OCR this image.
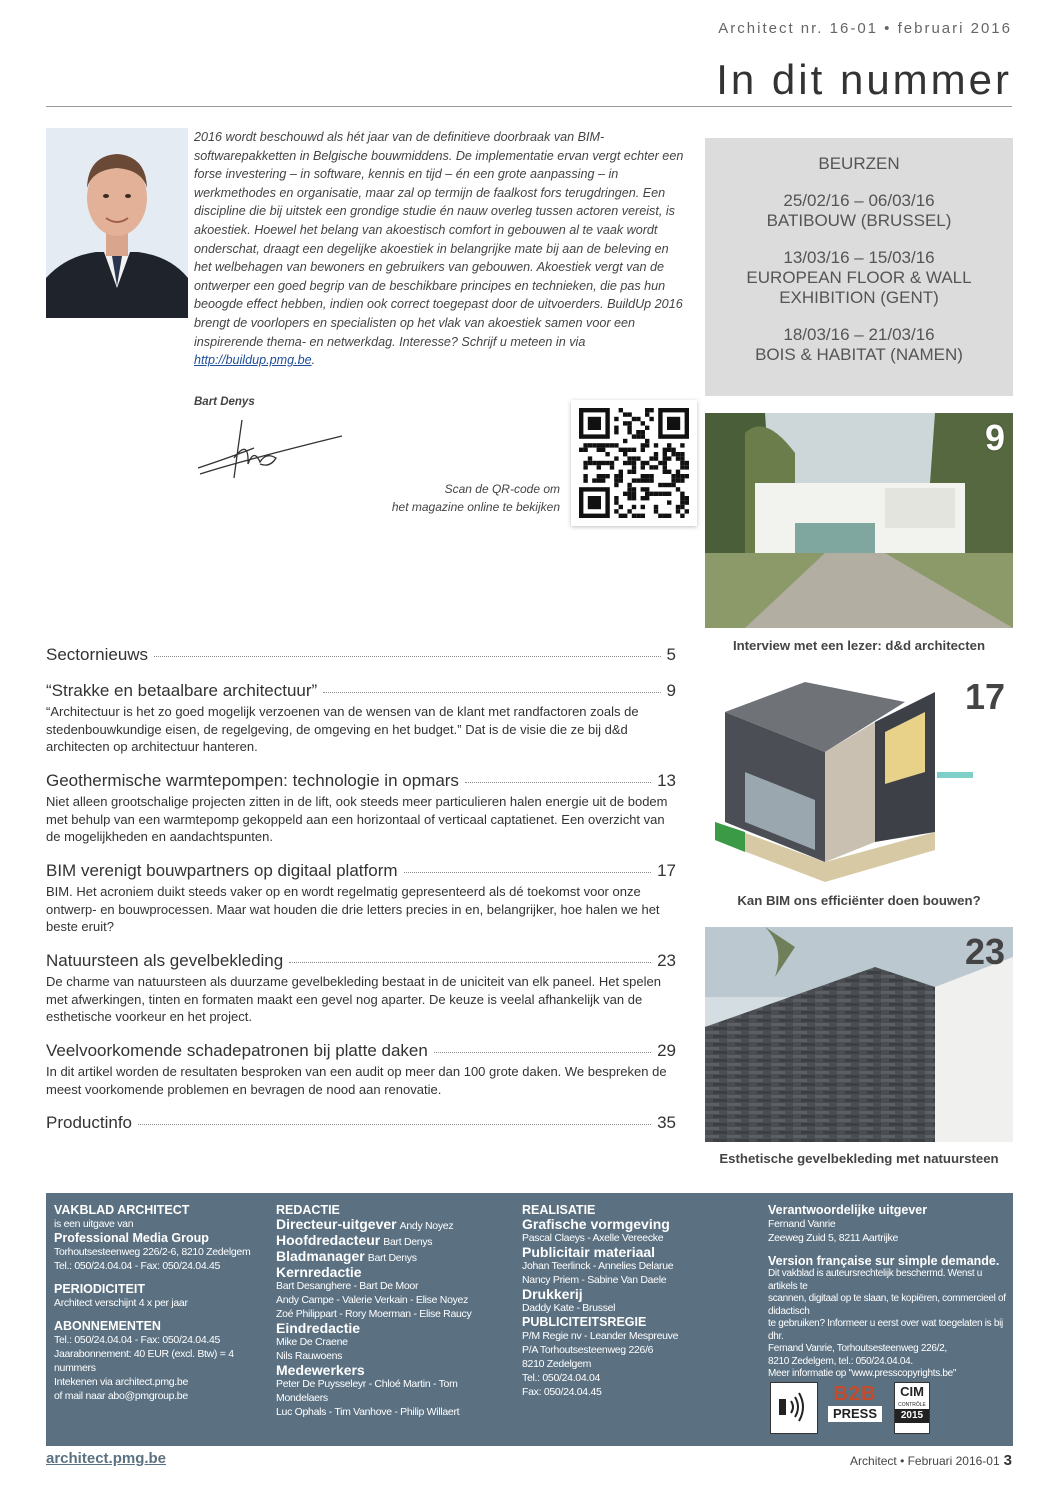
Architect nr. 16-01 • februari 2016
In dit nummer
2016 wordt beschouwd als hét jaar van de definitieve doorbraak van BIM-softwarepakketten in Belgische bouwmiddens. De implementatie ervan vergt echter een forse investering – in software, kennis en tijd – én een grote aanpassing – in werkmethodes en organisatie, maar zal op termijn de faalkost fors terugdringen. Een discipline die bij uitstek een grondige studie én nauw overleg tussen actoren vereist, is akoestiek. Hoewel het belang van akoestisch comfort in gebouwen al te vaak wordt onderschat, draagt een degelijke akoestiek in belangrijke mate bij aan de beleving en het welbehagen van bewoners en gebruikers van gebouwen. Akoestiek vergt van de ontwerper een goed begrip van de beschikbare principes en technieken, die pas hun beoogde effect hebben, indien ook correct toegepast door de uitvoerders. BuildUp 2016 brengt de voorlopers en specialisten op het vlak van akoestiek samen voor een inspirerende thema- en netwerkdag. Interesse? Schrijf u meteen in via http://buildup.pmg.be.
Bart Denys
Scan de QR-code om
het magazine online te bekijken
BEURZEN
25/02/16 – 06/03/16
BATIBOUW (BRUSSEL)
13/03/16 – 15/03/16
EUROPEAN FLOOR & WALL EXHIBITION (GENT)
18/03/16 – 21/03/16
BOIS & HABITAT (NAMEN)
9
Interview met een lezer: d&d architecten
17
Kan BIM ons efficiënter doen bouwen?
23
Esthetische gevelbekleding met natuursteen
Sectornieuws	5
“Strakke en betaalbare architectuur”	9
“Architectuur is het zo goed mogelijk verzoenen van de wensen van de klant met randfactoren zoals de stedenbouwkundige eisen, de regelgeving, de omgeving en het budget.” Dat is de visie die ze bij d&d architecten op architectuur hanteren.
Geothermische warmtepompen: technologie in opmars	13
Niet alleen grootschalige projecten zitten in de lift, ook steeds meer particulieren halen energie uit de bodem met behulp van een warmtepomp gekoppeld aan een horizontaal of verticaal captatienet. Een overzicht van de mogelijkheden en aandachtspunten.
BIM verenigt bouwpartners op digitaal platform	17
BIM. Het acroniem duikt steeds vaker op en wordt regelmatig gepresenteerd als dé toekomst voor onze ontwerp- en bouwprocessen. Maar wat houden die drie letters precies in en, belangrijker, hoe halen we het beste eruit?
Natuursteen als gevelbekleding	23
De charme van natuursteen als duurzame gevelbekleding bestaat in de uniciteit van elk paneel. Het spelen met afwerkingen, tinten en formaten maakt een gevel nog aparter. De keuze is veelal afhankelijk van de esthetische voorkeur en het project.
Veelvoorkomende schadepatronen bij platte daken	29
In dit artikel worden de resultaten besproken van een audit op meer dan 100 grote daken. We bespreken de meest voorkomende problemen en bevragen de nood aan renovatie.
Productinfo	35
VAKBLAD ARCHITECT
is een uitgave van
Professional Media Group
Torhoutsesteenweg 226/2-6, 8210 Zedelgem
Tel.: 050/24.04.04 - Fax: 050/24.04.45
PERIODICITEIT
Architect verschijnt 4 x per jaar
ABONNEMENTEN
Tel.: 050/24.04.04 - Fax: 050/24.04.45
Jaarabonnement: 40 EUR (excl. Btw) = 4 nummers
Intekenen via architect.pmg.be
of mail naar abo@pmgroup.be
REDACTIE
Directeur-uitgever Andy Noyez
Hoofdredacteur Bart Denys
Bladmanager Bart Denys
Kernredactie
Bart Desanghere - Bart De Moor
Andy Campe - Valerie Verkain - Elise Noyez
Zoé Philippart - Rory Moerman - Elise Raucy
Eindredactie
Mike De Craene
Nils Rauwoens
Medewerkers
Peter De Puysseleyr - Chloé Martin - Tom Mondelaers
Luc Ophals - Tim Vanhove - Philip Willaert
REALISATIE
Grafische vormgeving
Pascal Claeys - Axelle Vereecke
Publicitair materiaal
Johan Teerlinck - Annelies Delarue
Nancy Priem - Sabine Van Daele
Drukkerij
Daddy Kate - Brussel
PUBLICITEITSREGIE
P/M Regie nv - Leander Mespreuve
P/A Torhoutsesteenweg 226/6
8210 Zedelgem
Tel.: 050/24.04.04
Fax: 050/24.04.45
Verantwoordelijke uitgever
Fernand Vanrie
Zeeweg Zuid 5, 8211 Aartrijke
Version française sur simple demande.
Dit vakblad is auteursrechtelijk beschermd. Wenst u artikels te
scannen, digitaal op te slaan, te kopiëren, commercieel of didactisch
te gebruiken? Informeer u eerst over wat toegelaten is bij dhr.
Fernand Vanrie, Torhoutsesteenweg 226/2,
8210 Zedelgem, tel.: 050/24.04.04.
Meer informatie op "www.presscopyrights.be"
B2B
PRESS
CIM
CONTRÔLE
2015
architect.pmg.be	Architect • Februari 2016-01 3
